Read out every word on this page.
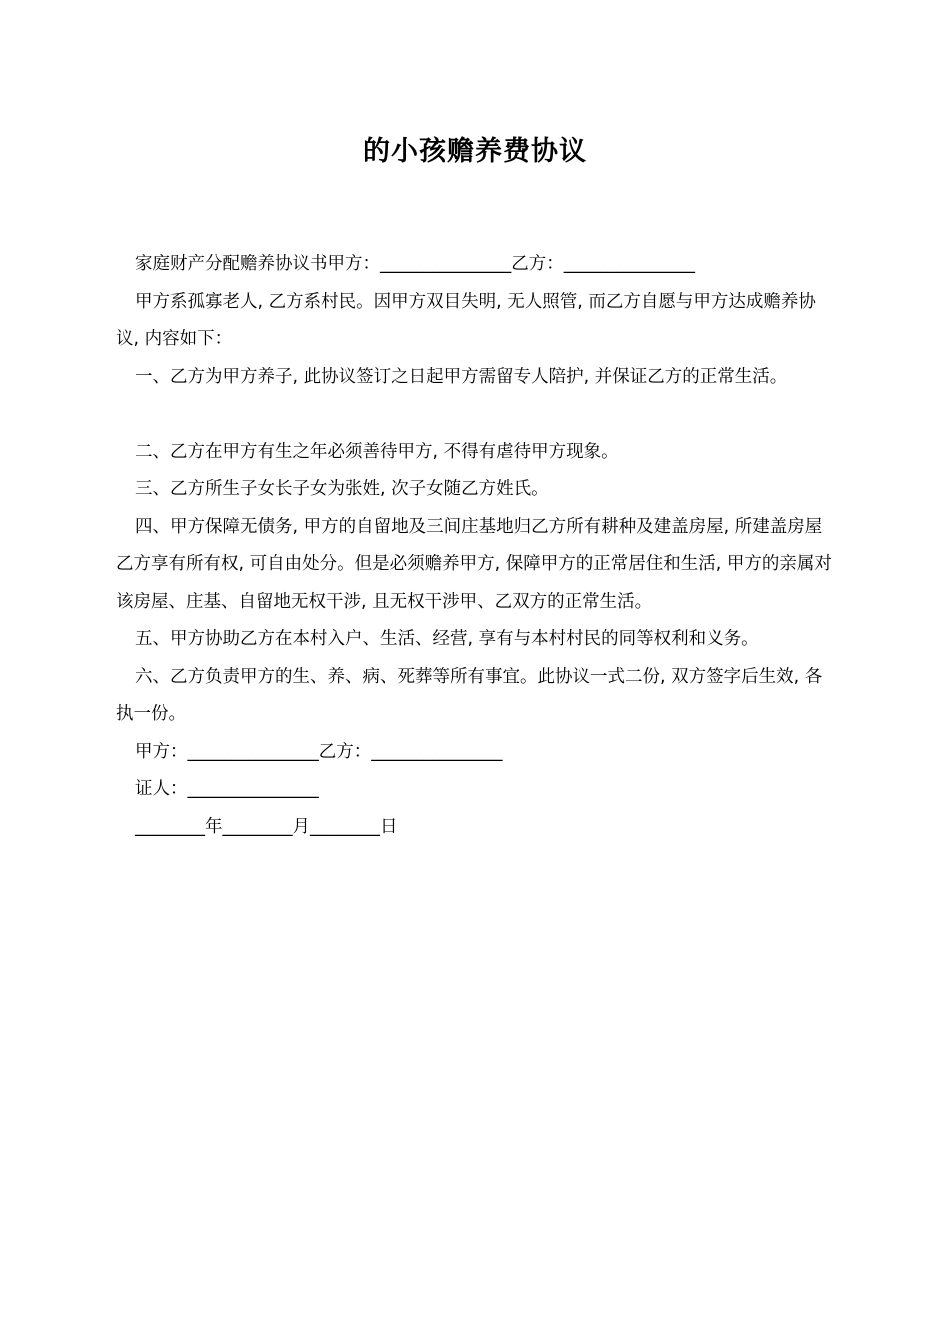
的小孩赡养费协议

家庭财产分配赡养协议书甲方：_______________乙方：_______________

甲方系孤寡老人, 乙方系村民。因甲方双目失明, 无人照管, 而乙方自愿与甲方达成赡养协议, 内容如下：

一、乙方为甲方养子, 此协议签订之日起甲方需留专人陪护, 并保证乙方的正常生活。

二、乙方在甲方有生之年必须善待甲方, 不得有虐待甲方现象。

三、乙方所生子女长子女为张姓, 次子女随乙方姓氏。

四、甲方保障无债务, 甲方的自留地及三间庄基地归乙方所有耕种及建盖房屋, 所建盖房屋乙方享有所有权, 可自由处分。但是必须赡养甲方, 保障甲方的正常居住和生活, 甲方的亲属对该房屋、庄基、自留地无权干涉, 且无权干涉甲、乙双方的正常生活。

五、甲方协助乙方在本村入户、生活、经营, 享有与本村村民的同等权利和义务。

六、乙方负责甲方的生、养、病、死葬等所有事宜。此协议一式二份, 双方签字后生效, 各执一份。

甲方：_______________乙方：_______________

证人：_______________

________年________月________日
